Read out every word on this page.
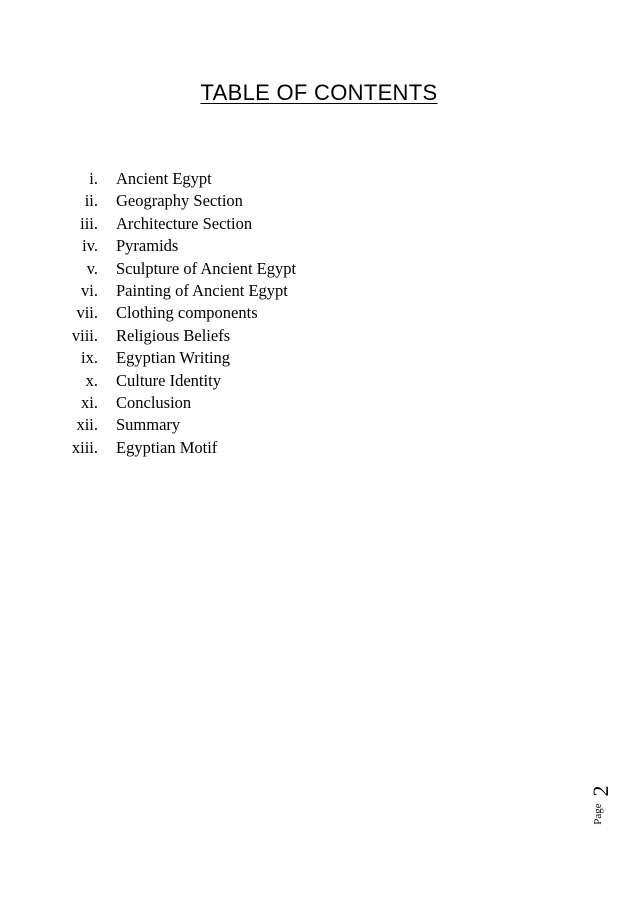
TABLE OF CONTENTS
i. Ancient Egypt
ii. Geography Section
iii. Architecture Section
iv. Pyramids
v. Sculpture of Ancient Egypt
vi. Painting of Ancient Egypt
vii. Clothing components
viii. Religious Beliefs
ix. Egyptian Writing
x. Culture Identity
xi. Conclusion
xii. Summary
xiii. Egyptian Motif
2
Page
